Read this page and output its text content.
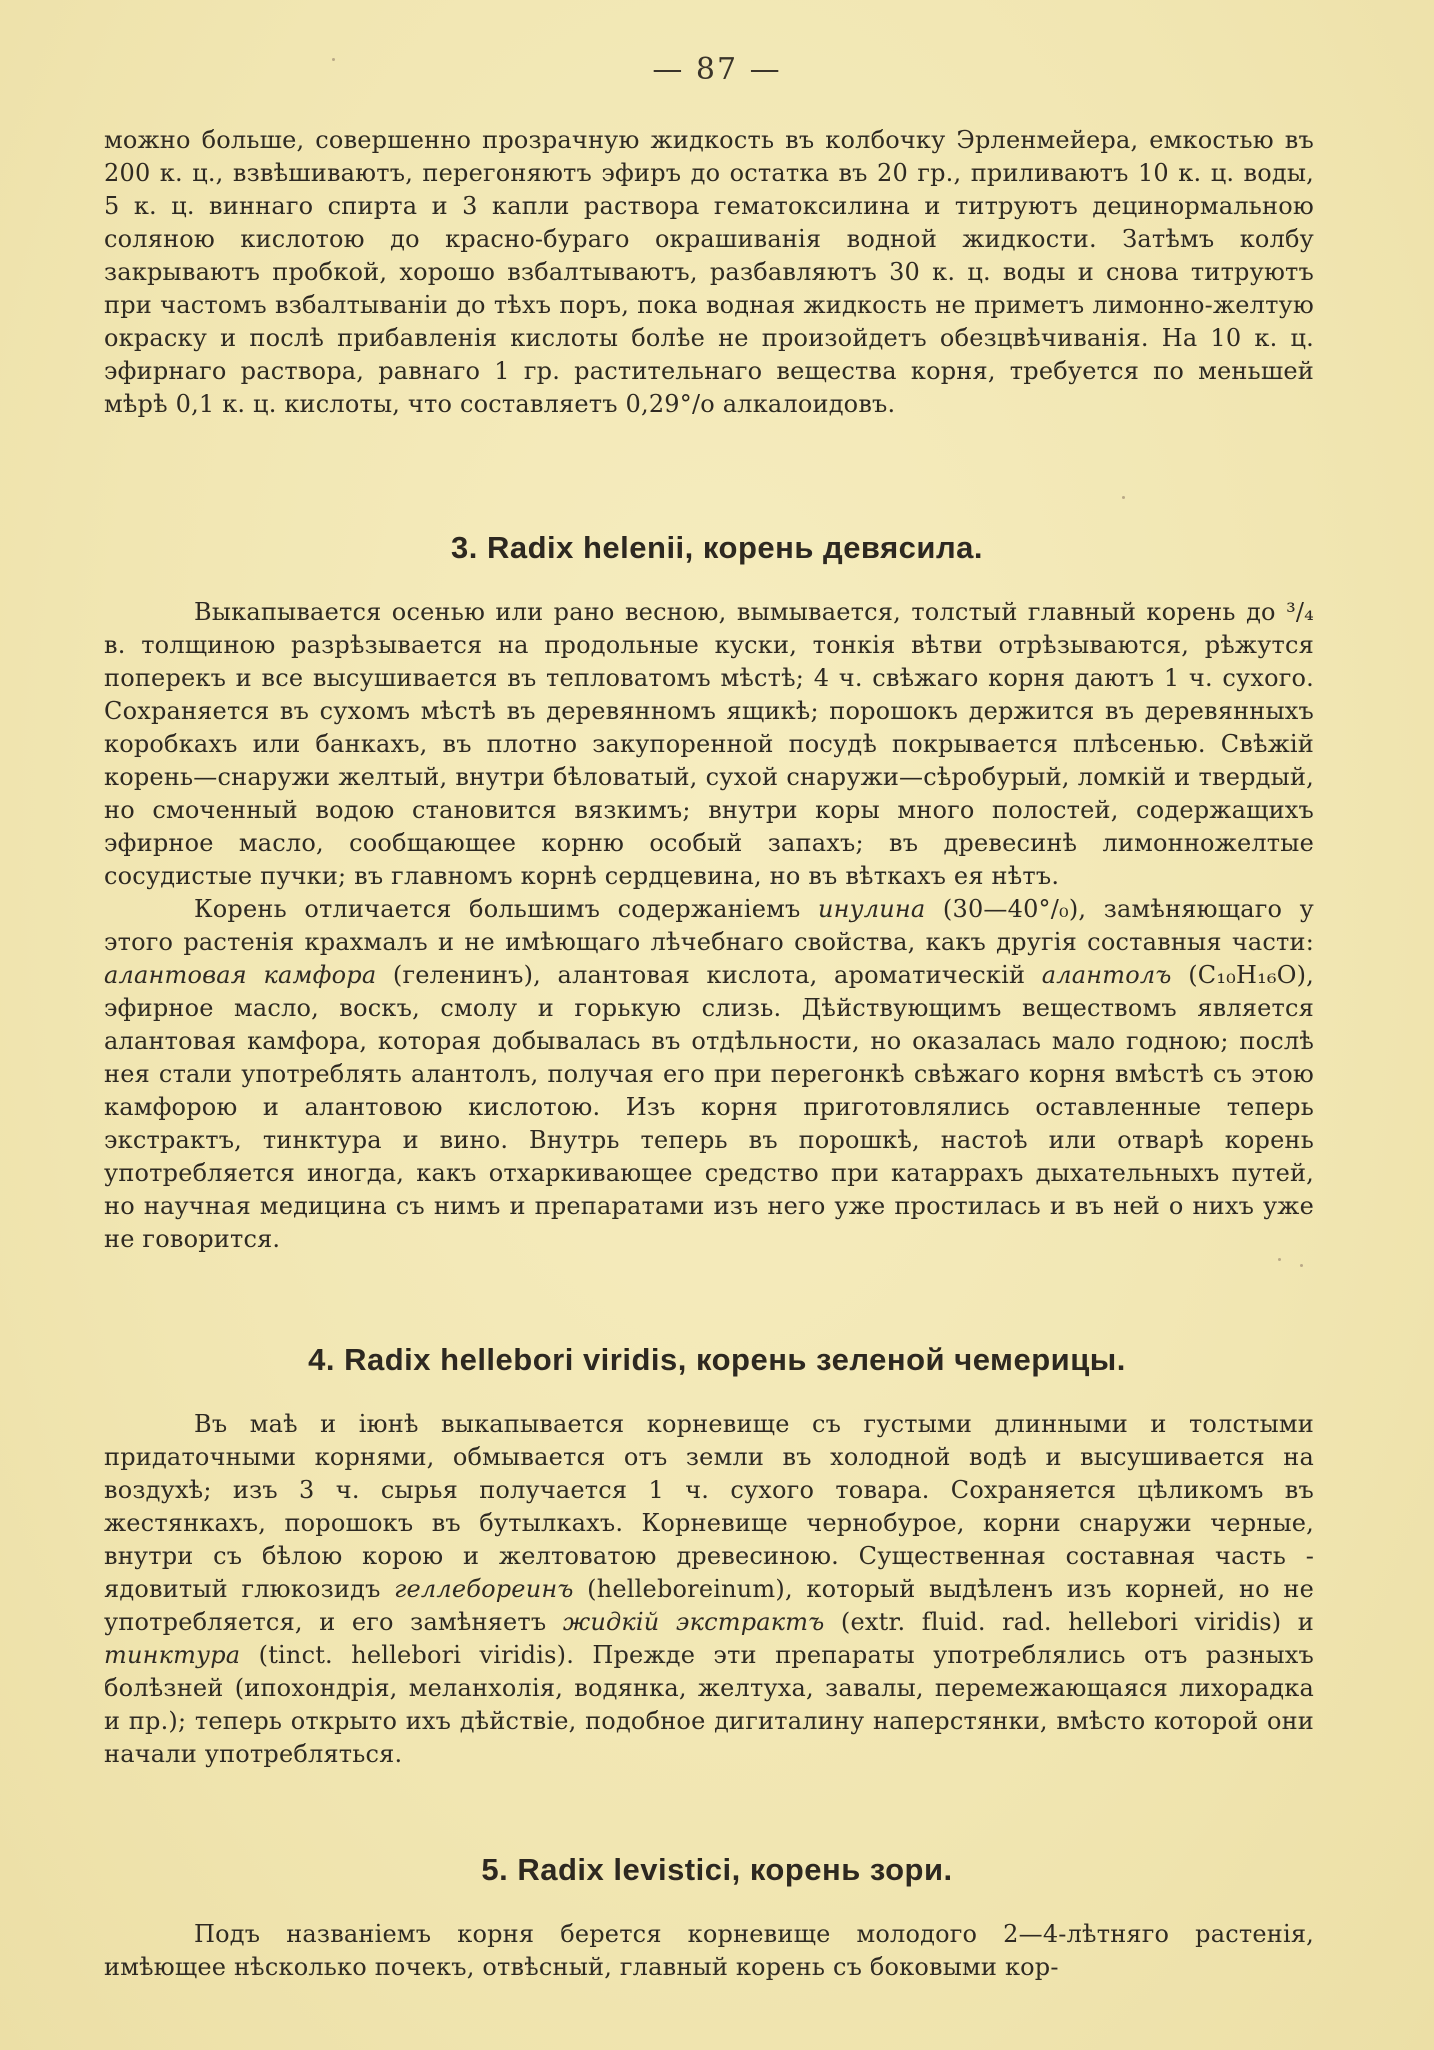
— 87 —

можно больше, совершенно прозрачную жидкость въ колбочку Эрленмейера, емкостью въ 200 к. ц., взвѣшиваютъ, перегоняютъ эфиръ до остатка въ 20 гр., приливаютъ 10 к. ц. воды, 5 к. ц. виннаго спирта и 3 капли раствора гематоксилина и титруютъ децинормальною соляною кислотою до красно-бураго окрашиванія водной жидкости. Затѣмъ колбу закрываютъ пробкой, хорошо взбалтываютъ, разбавляютъ 30 к. ц. воды и снова титруютъ при частомъ взбалтываніи до тѣхъ поръ, пока водная жидкость не приметъ лимонно-желтую окраску и послѣ прибавленія кислоты болѣе не произойдетъ обезцвѣчиванія. На 10 к. ц. эфирнаго раствора, равнаго 1 гр. растительнаго вещества корня, требуется по меньшей мѣрѣ 0,1 к. ц. кислоты, что составляетъ 0,29°/o алкалоидовъ.

3. Radix helenii, корень девясила.

Выкапывается осенью или рано весною, вымывается, толстый главный корень до ³/₄ в. толщиною разрѣзывается на продольные куски, тонкія вѣтви отрѣзываются, рѣжутся поперекъ и все высушивается въ тепловатомъ мѣстѣ; 4 ч. свѣжаго корня даютъ 1 ч. сухого. Сохраняется въ сухомъ мѣстѣ въ деревянномъ ящикѣ; порошокъ держится въ деревянныхъ коробкахъ или банкахъ, въ плотно закупоренной посудѣ покрывается плѣсенью. Свѣжій корень—снаружи желтый, внутри бѣловатый, сухой снаружи—сѣробурый, ломкій и твердый, но смоченный водою становится вязкимъ; внутри коры много полостей, содержащихъ эфирное масло, сообщающее корню особый запахъ; въ древесинѣ лимонножелтые сосудистые пучки; въ главномъ корнѣ сердцевина, но въ вѣткахъ ея нѣтъ.

Корень отличается большимъ содержаніемъ инулина (30—40°/₀), замѣняющаго у этого растенія крахмалъ и не имѣющаго лѣчебнаго свойства, какъ другія составныя части: алантовая камфора (геленинъ), алантовая кислота, ароматическій алантолъ (C₁₀H₁₆O), эфирное масло, воскъ, смолу и горькую слизь. Дѣйствующимъ веществомъ является алантовая камфора, которая добывалась въ отдѣльности, но оказалась мало годною; послѣ нея стали употреблять алантолъ, получая его при перегонкѣ свѣжаго корня вмѣстѣ съ этою камфорою и алантовою кислотою. Изъ корня приготовлялись оставленные теперь экстрактъ, тинктура и вино. Внутрь теперь въ порошкѣ, настоѣ или отварѣ корень употребляется иногда, какъ отхаркивающее средство при катаррахъ дыхательныхъ путей, но научная медицина съ нимъ и препаратами изъ него уже простилась и въ ней о нихъ уже не говорится.

4. Radix hellebori viridis, корень зеленой чемерицы.

Въ маѣ и іюнѣ выкапывается корневище съ густыми длинными и толстыми придаточными корнями, обмывается отъ земли въ холодной водѣ и высушивается на воздухѣ; изъ 3 ч. сырья получается 1 ч. сухого товара. Сохраняется цѣликомъ въ жестянкахъ, порошокъ въ бутылкахъ. Корневище чернобурое, корни снаружи черные, внутри съ бѣлою корою и желтоватою древесиною. Существенная составная часть - ядовитый глюкозидъ геллебореинъ (helleboreinum), который выдѣленъ изъ корней, но не употребляется, и его замѣняетъ жидкій экстрактъ (extr. fluid. rad. hellebori viridis) и тинктура (tinct. hellebori viridis). Прежде эти препараты употреблялись отъ разныхъ болѣзней (ипохондрія, меланхолія, водянка, желтуха, завалы, перемежающаяся лихорадка и пр.); теперь открыто ихъ дѣйствіе, подобное дигиталину наперстянки, вмѣсто которой они начали употребляться.

5. Radix levistici, корень зори.

Подъ названіемъ корня берется корневище молодого 2—4-лѣтняго растенія, имѣющее нѣсколько почекъ, отвѣсный, главный корень съ боковыми кор-
